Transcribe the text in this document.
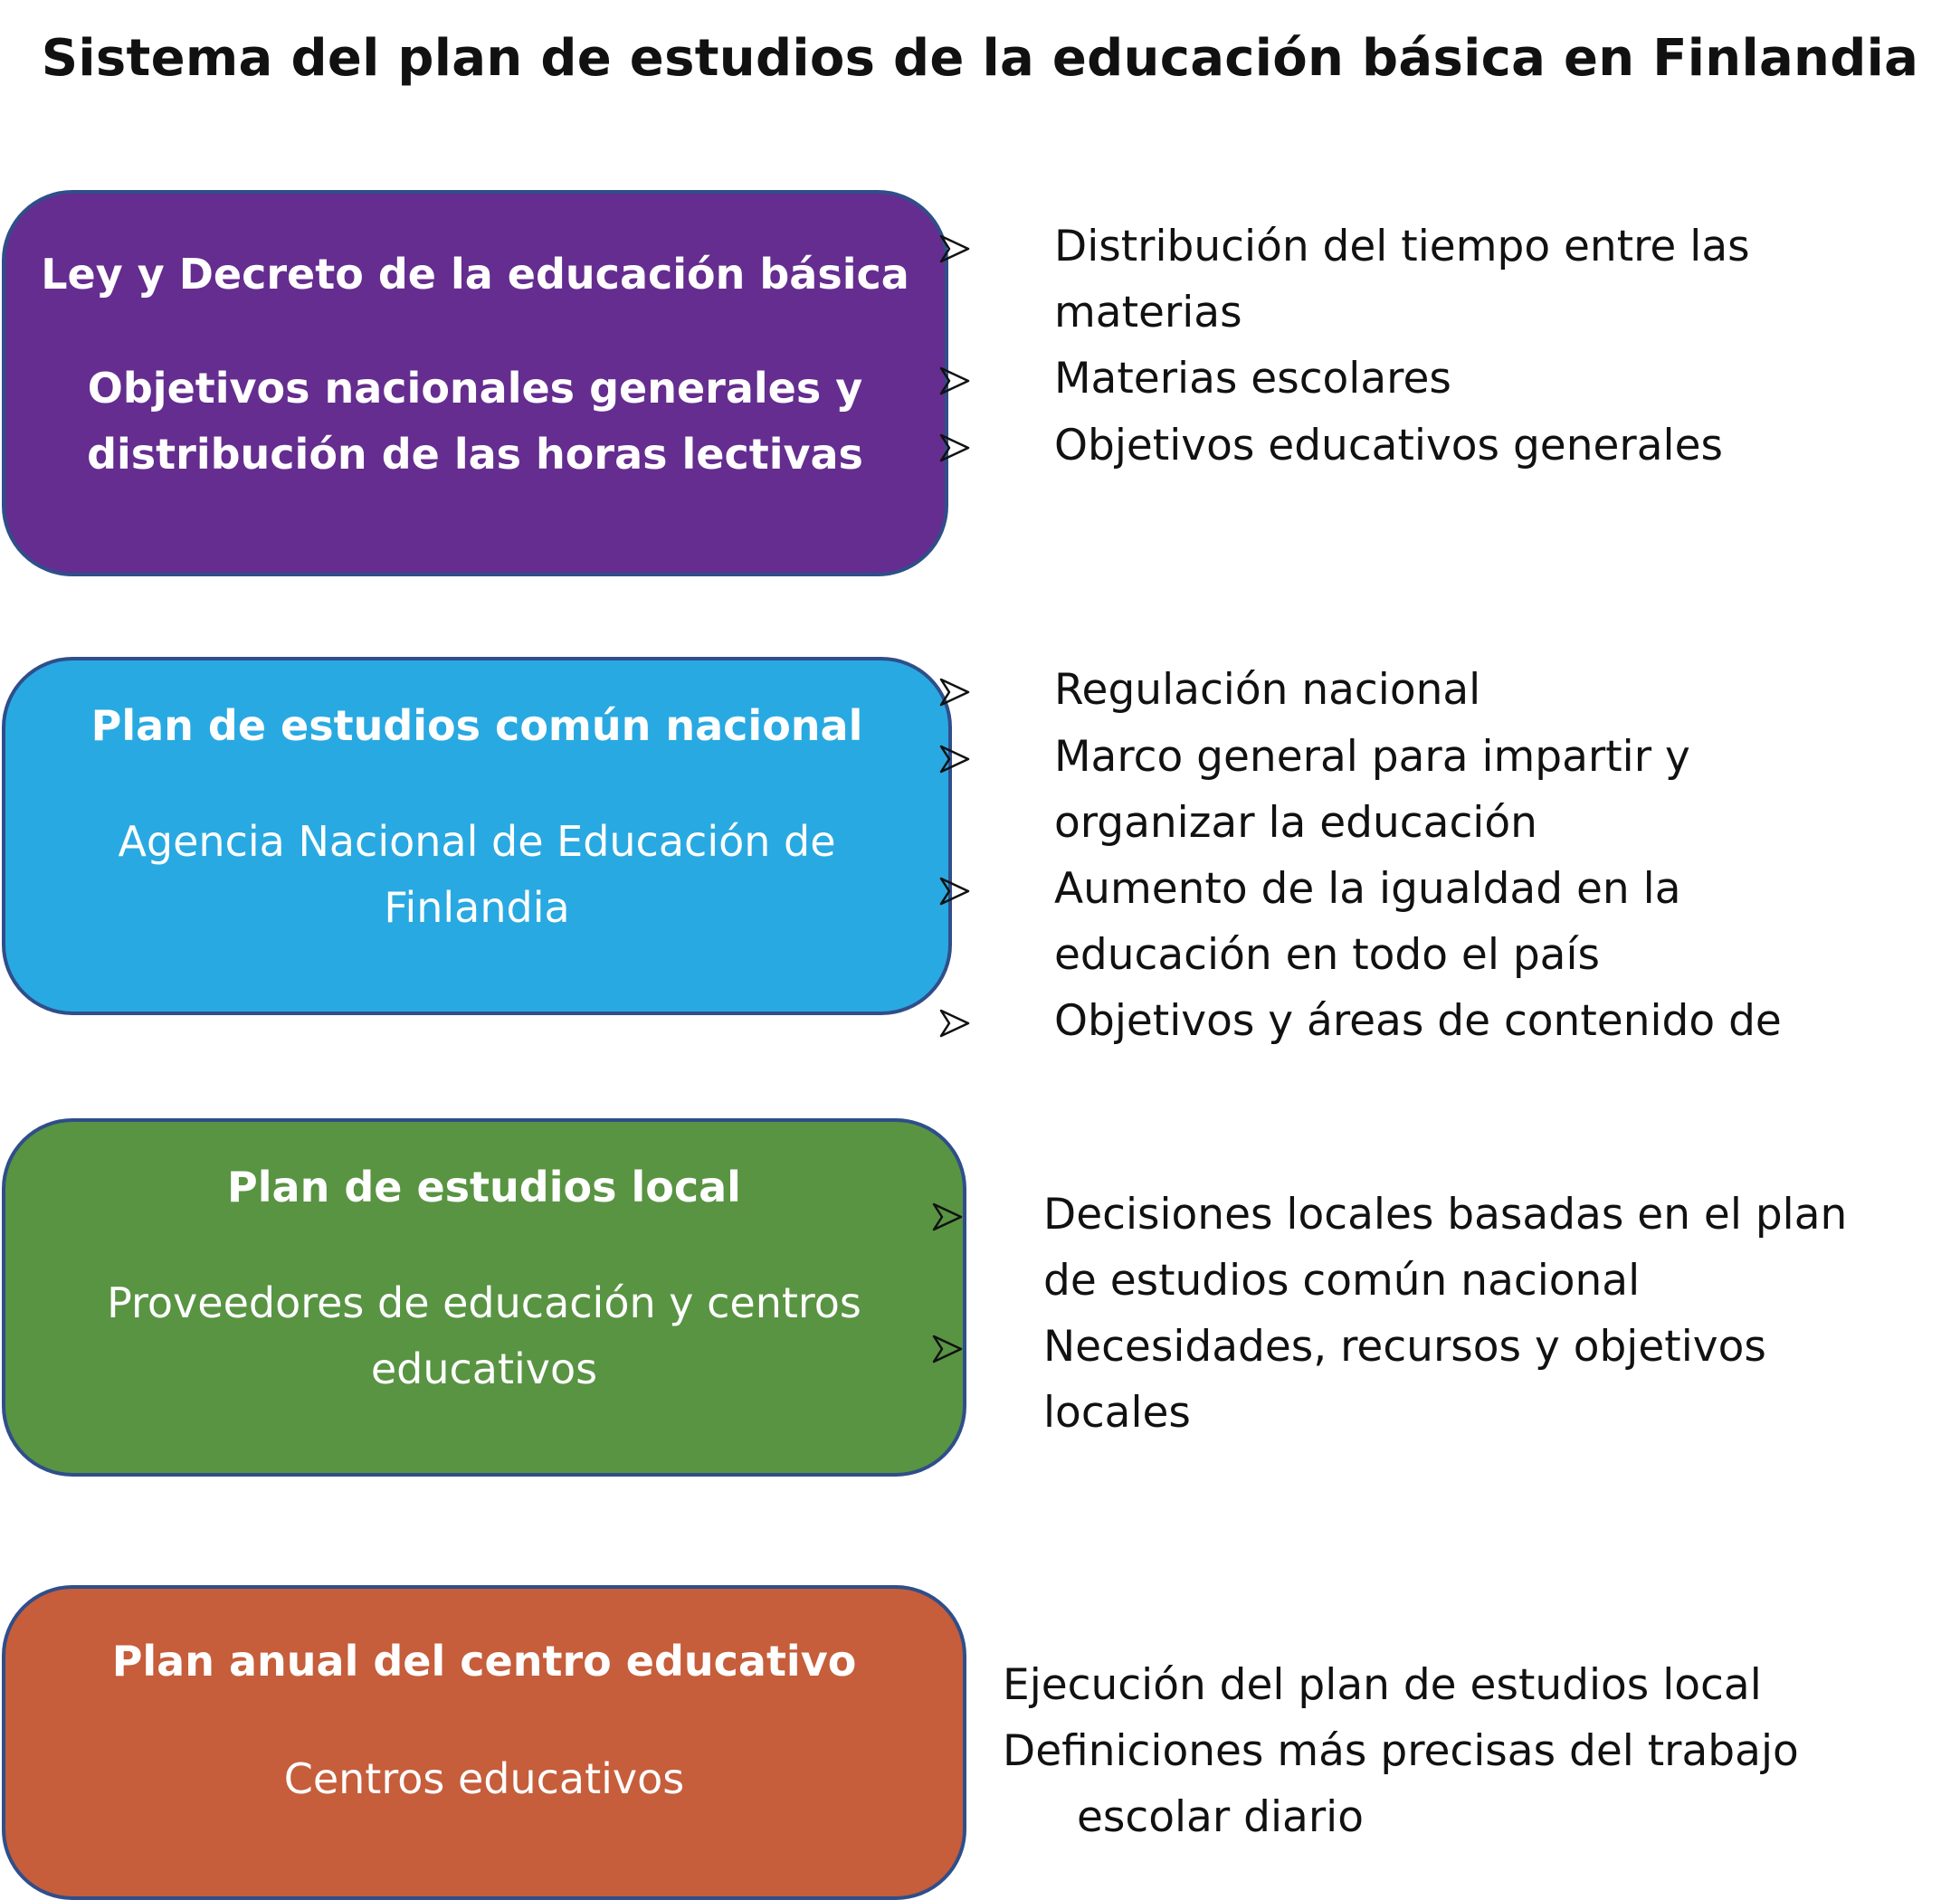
Sistema del plan de estudios de la educación básica en Finlandia
Ley y Decreto de la educación básica
Objetivos nacionales generales y
distribución de las horas lectivas
Plan de estudios común nacional
Agencia Nacional de Educación de
Finlandia
Plan de estudios local
Proveedores de educación y centros
educativos
Plan anual del centro educativo
Centros educativos
Distribución del tiempo entre las
materias
Materias escolares
Objetivos educativos generales
Regulación nacional
Marco general para impartir y
organizar la educación
Aumento de la igualdad en la
educación en todo el país
Objetivos y áreas de contenido de
Decisiones locales basadas en el plan
de estudios común nacional
Necesidades, recursos y objetivos
locales
Ejecución del plan de estudios local
Definiciones más precisas del trabajo
escolar diario
